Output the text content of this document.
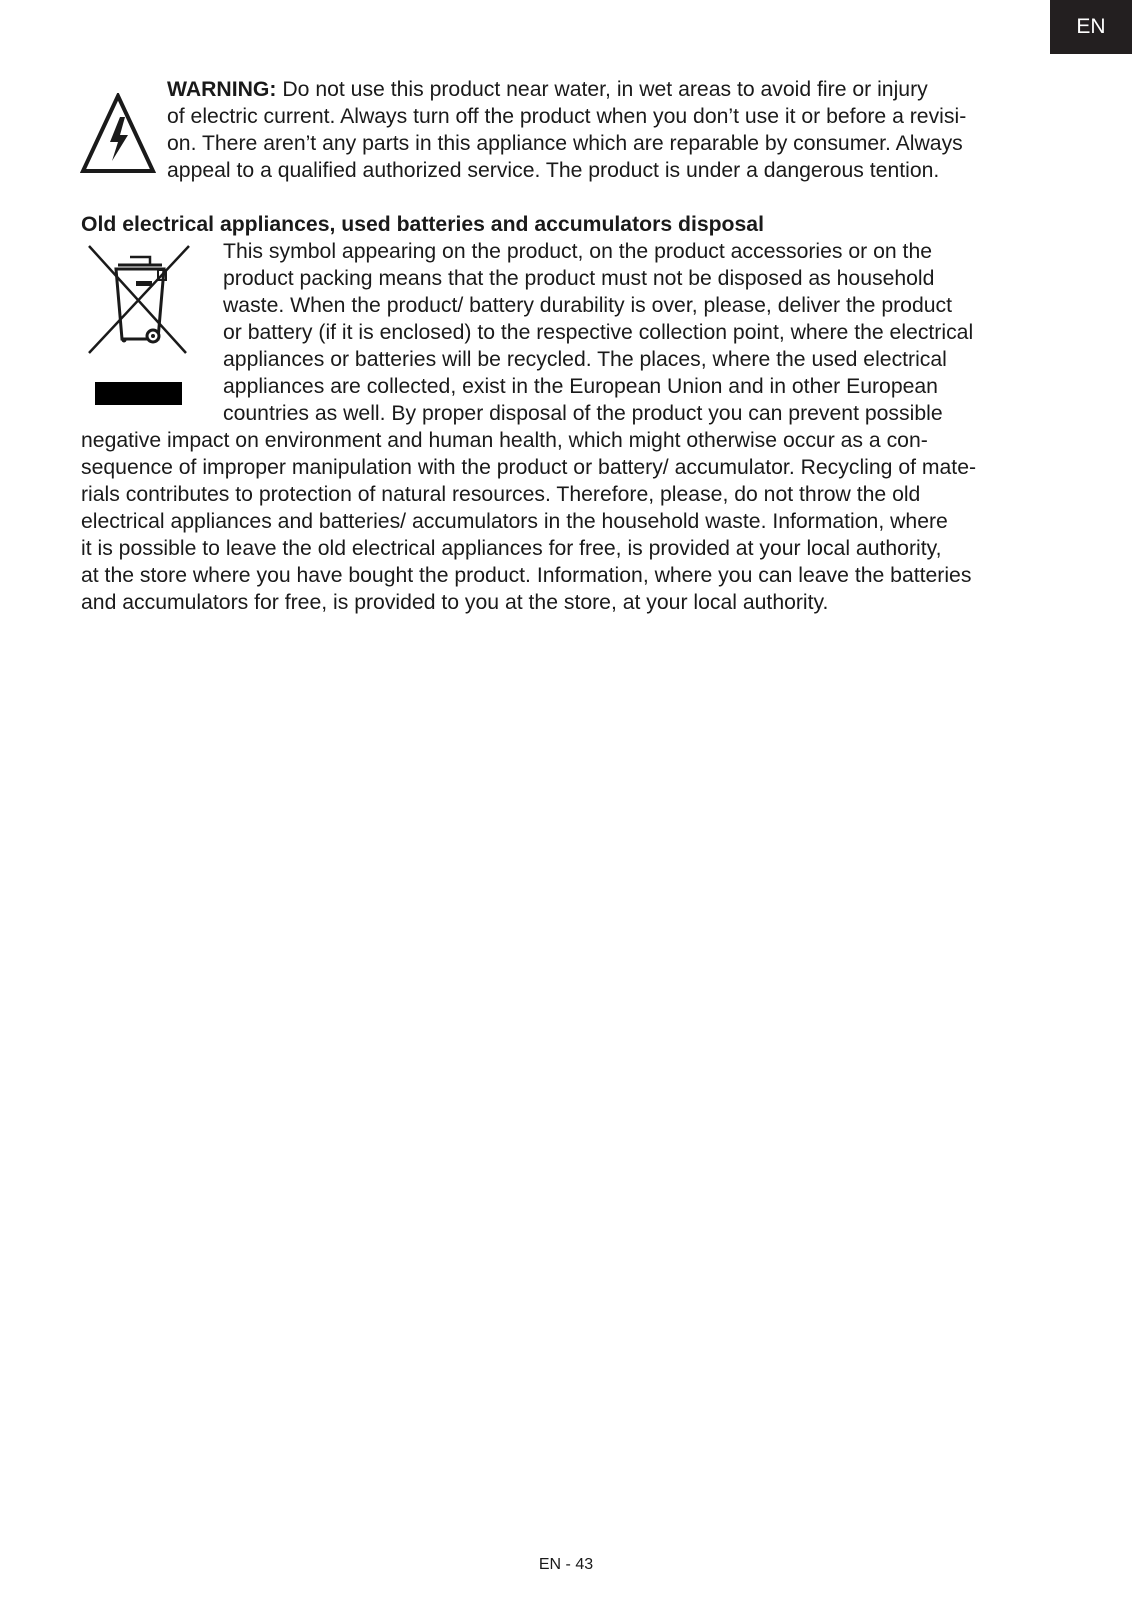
EN

WARNING: Do not use this product near water, in wet areas to avoid fire or injury
of electric current. Always turn off the product when you don’t use it or before a revisi-
on. There aren’t any parts in this appliance which are reparable by consumer. Always
appeal to a qualified authorized service. The product is under a dangerous tention.

Old electrical appliances, used batteries and accumulators disposal

This symbol appearing on the product, on the product accessories or on the
product packing means that the product must not be disposed as household
waste. When the product/ battery durability is over, please, deliver the product
or battery (if it is enclosed) to the respective collection point, where the electrical
appliances or batteries will be recycled. The places, where the used electrical
appliances are collected, exist in the European Union and in other European
countries as well. By proper disposal of the product you can prevent possible
negative impact on environment and human health, which might otherwise occur as a con-
sequence of improper manipulation with the product or battery/ accumulator. Recycling of mate-
rials contributes to protection of natural resources. Therefore, please, do not throw the old
electrical appliances and batteries/ accumulators in the household waste. Information, where
it is possible to leave the old electrical appliances for free, is provided at your local authority,
at the store where you have bought the product. Information, where you can leave the batteries
and accumulators for free, is provided to you at the store, at your local authority.

EN - 43
